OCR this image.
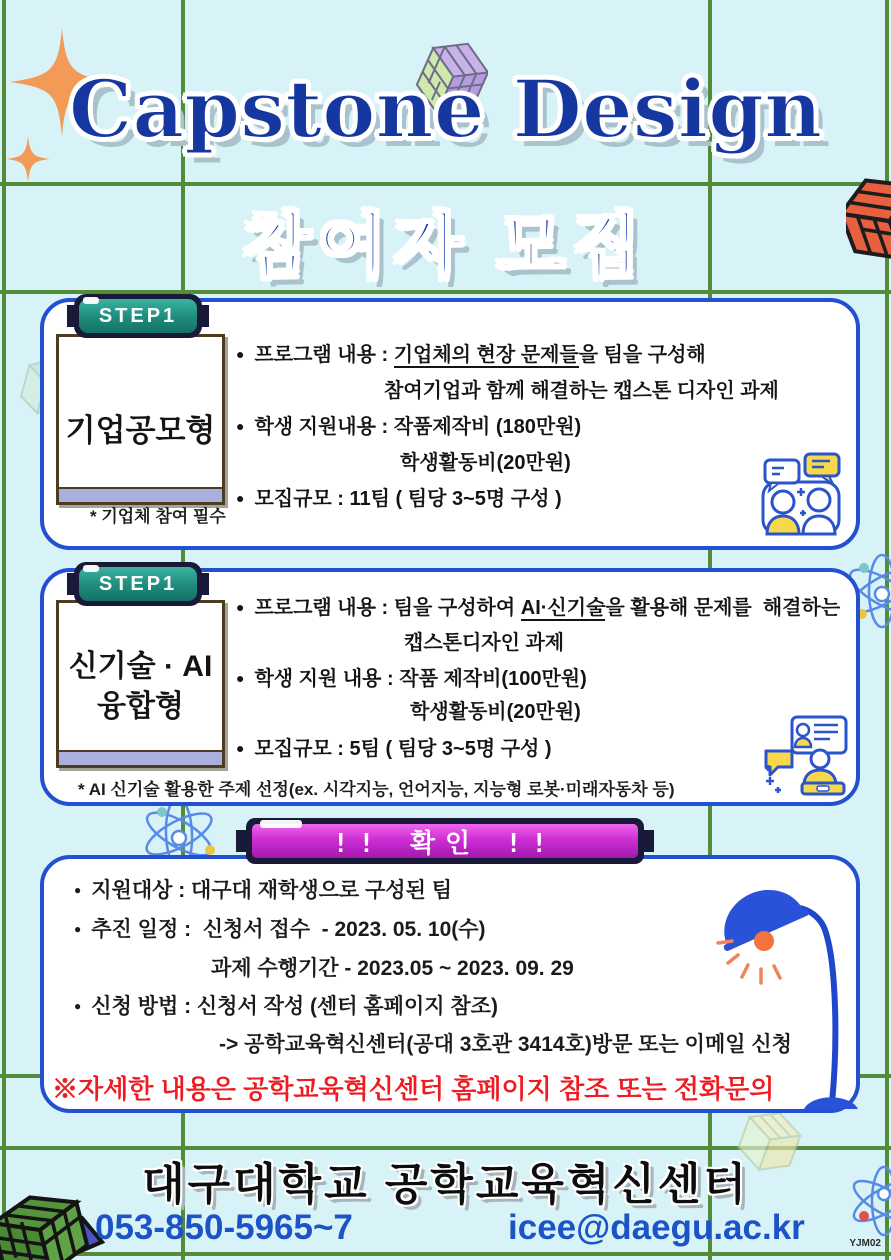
Capstone Design
참여자 모집
기업공모형
STEP1
● 프로그램 내용 : 기업체의 현장 문제들을 팀을 구성해
참여기업과 함께 해결하는 캡스톤 디자인 과제
● 학생 지원내용 : 작품제작비 (180만원)
학생활동비(20만원)
● 모집규모 : 11팀 ( 팀당 3~5명 구성 )
* 기업체 참여 필수
신기술 · AI
융합형
STEP1
● 프로그램 내용 : 팀을 구성하여 AI·신기술을 활용해 문제를  해결하는
캡스톤디자인 과제
● 학생 지원 내용 : 작품 제작비(100만원)
학생활동비(20만원)
● 모집규모 : 5팀 ( 팀당 3~5명 구성 )
* AI 신기술 활용한 주제 선정(ex. 시각지능, 언어지능, 지능형 로봇·미래자동차 등)
!! 확인 !!
● 지원대상 : 대구대 재학생으로 구성된 팀
● 추진 일정 :  신청서 접수  - 2023. 05. 10(수)
과제 수행기간 - 2023.05 ~ 2023. 09. 29
● 신청 방법 : 신청서 작성 (센터 홈페이지 참조)
-> 공학교육혁신센터(공대 3호관 3414호)방문 또는 이메일 신청
※자세한 내용은 공학교육혁신센터 홈페이지 참조 또는 전화문의
대구대학교 공학교육혁신센터
053-850-5965~7	icee@daegu.ac.kr	YJM02
